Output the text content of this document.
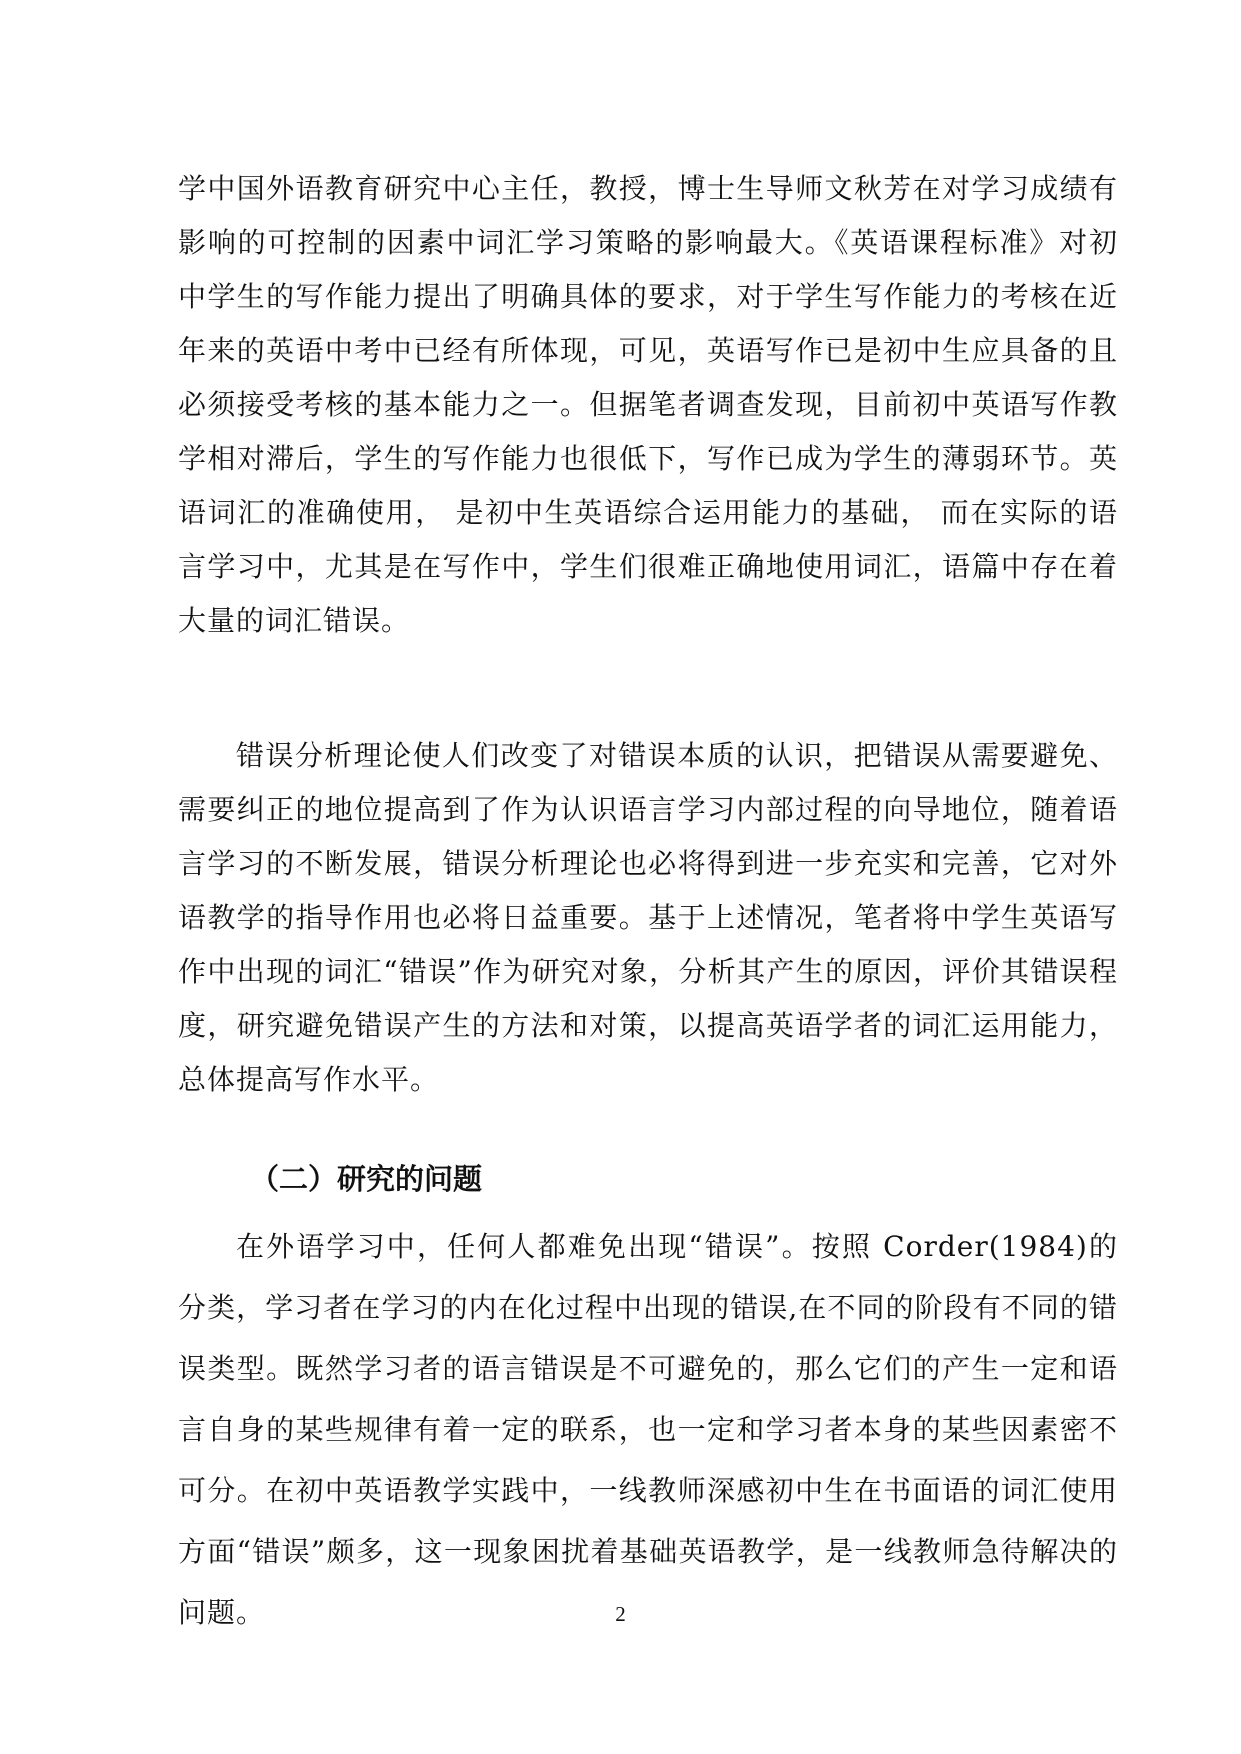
学中国外语教育研究中心主任，教授，博士生导师文秋芳在对学习成绩有影响的可控制的因素中词汇学习策略的影响最大。《英语课程标准》对初中学生的写作能力提出了明确具体的要求，对于学生写作能力的考核在近年来的英语中考中已经有所体现，可见，英语写作已是初中生应具备的且必须接受考核的基本能力之一。但据笔者调查发现，目前初中英语写作教学相对滞后，学生的写作能力也很低下，写作已成为学生的薄弱环节。英语词汇的准确使用， 是初中生英语综合运用能力的基础， 而在实际的语言学习中，尤其是在写作中，学生们很难正确地使用词汇，语篇中存在着大量的词汇错误。

错误分析理论使人们改变了对错误本质的认识，把错误从需要避免、需要纠正的地位提高到了作为认识语言学习内部过程的向导地位，随着语言学习的不断发展，错误分析理论也必将得到进一步充实和完善，它对外语教学的指导作用也必将日益重要。基于上述情况，笔者将中学生英语写作中出现的词汇“错误”作为研究对象，分析其产生的原因，评价其错误程度，研究避免错误产生的方法和对策，以提高英语学者的词汇运用能力，总体提高写作水平。

（二）研究的问题

在外语学习中，任何人都难免出现“错误”。按照 Corder(1984)的分类，学习者在学习的内在化过程中出现的错误,在不同的阶段有不同的错误类型。既然学习者的语言错误是不可避免的，那么它们的产生一定和语言自身的某些规律有着一定的联系，也一定和学习者本身的某些因素密不可分。在初中英语教学实践中，一线教师深感初中生在书面语的词汇使用方面“错误”颇多，这一现象困扰着基础英语教学，是一线教师急待解决的问题。	2
